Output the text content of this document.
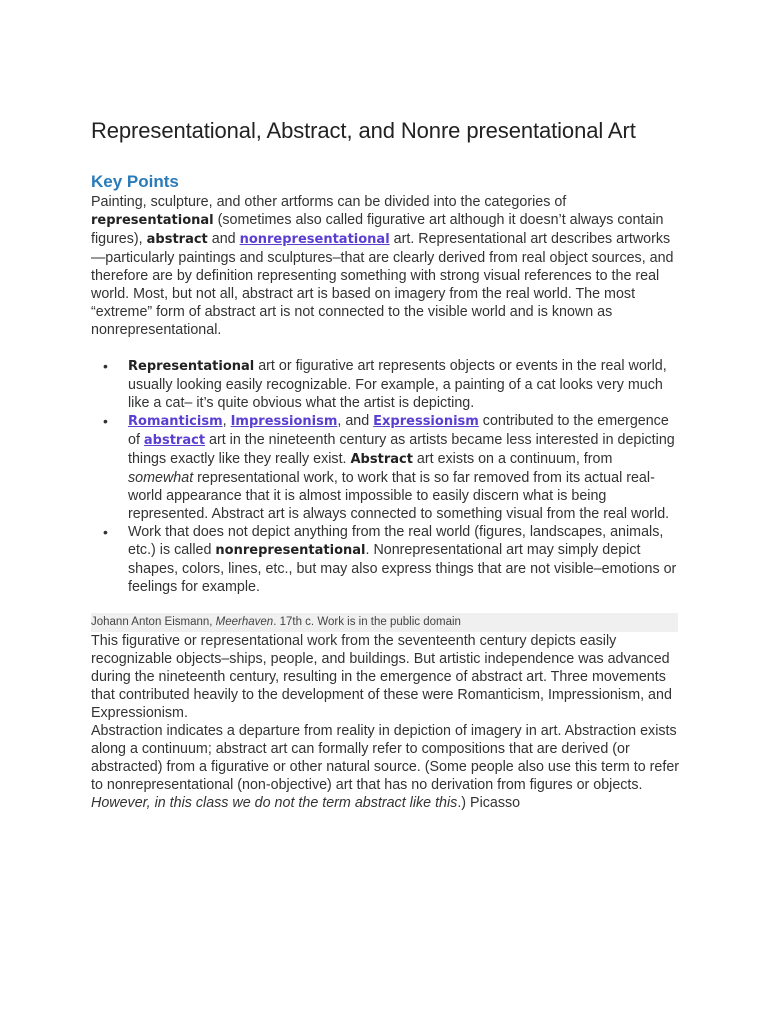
Representational, Abstract, and Nonre presentational Art
Key Points

Painting, sculpture, and other artforms can be divided into the categories of representational (sometimes also called figurative art although it doesn’t always contain figures), abstract and nonrepresentational art. Representational art describes artworks—particularly paintings and sculptures–that are clearly derived from real object sources, and therefore are by definition representing something with strong visual references to the real world. Most, but not all, abstract art is based on imagery from the real world. The most “extreme” form of abstract art is not connected to the visible world and is known as nonrepresentational.

• Representational art or figurative art represents objects or events in the real world, usually looking easily recognizable. For example, a painting of a cat looks very much like a cat– it’s quite obvious what the artist is depicting.
• Romanticism, Impressionism, and Expressionism contributed to the emergence of abstract art in the nineteenth century as artists became less interested in depicting things exactly like they really exist. Abstract art exists on a continuum, from somewhat representational work, to work that is so far removed from its actual real-world appearance that it is almost impossible to easily discern what is being represented. Abstract art is always connected to something visual from the real world.
• Work that does not depict anything from the real world (figures, landscapes, animals, etc.) is called nonrepresentational. Nonrepresentational art may simply depict shapes, colors, lines, etc., but may also express things that are not visible–emotions or feelings for example.
Johann Anton Eismann, Meerhaven. 17th c. Work is in the public domain

This figurative or representational work from the seventeenth century depicts easily recognizable objects–ships, people, and buildings. But artistic independence was advanced during the nineteenth century, resulting in the emergence of abstract art. Three movements that contributed heavily to the development of these were Romanticism, Impressionism, and Expressionism.

Abstraction indicates a departure from reality in depiction of imagery in art. Abstraction exists along a continuum; abstract art can formally refer to compositions that are derived (or abstracted) from a figurative or other natural source. (Some people also use this term to refer to nonrepresentational (non-objective) art that has no derivation from figures or objects. However, in this class we do not the term abstract like this.) Picasso
